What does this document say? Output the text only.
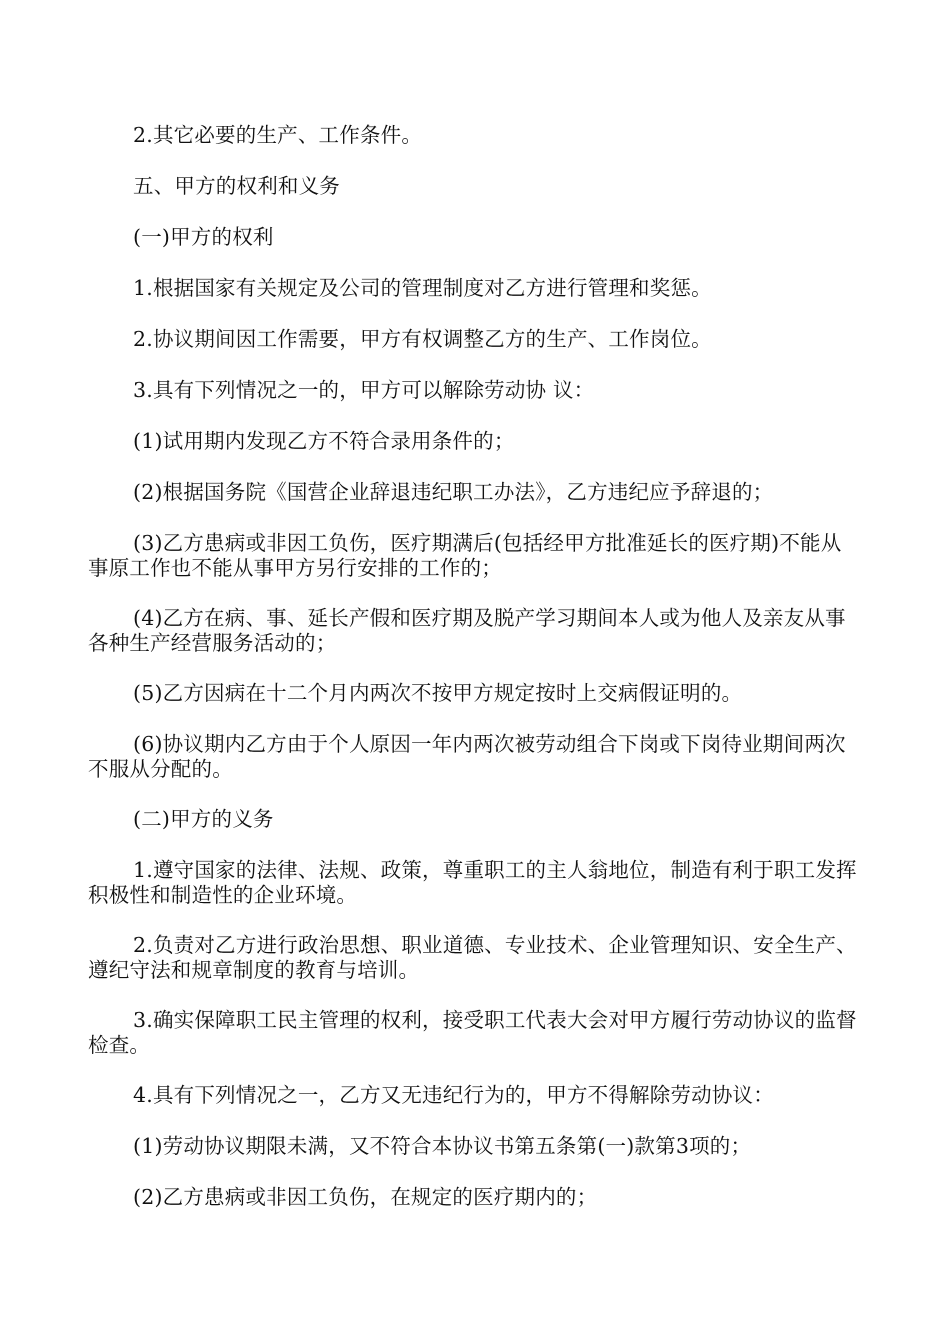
2.其它必要的生产、工作条件。

五、甲方的权利和义务

(一)甲方的权利

1.根据国家有关规定及公司的管理制度对乙方进行管理和奖惩。

2.协议期间因工作需要，甲方有权调整乙方的生产、工作岗位。

3.具有下列情况之一的，甲方可以解除劳动协 议：

(1)试用期内发现乙方不符合录用条件的；

(2)根据国务院《国营企业辞退违纪职工办法》，乙方违纪应予辞退的；

(3)乙方患病或非因工负伤，医疗期满后(包括经甲方批准延长的医疗期)不能从事原工作也不能从事甲方另行安排的工作的；

(4)乙方在病、事、延长产假和医疗期及脱产学习期间本人或为他人及亲友从事各种生产经营服务活动的；

(5)乙方因病在十二个月内两次不按甲方规定按时上交病假证明的。

(6)协议期内乙方由于个人原因一年内两次被劳动组合下岗或下岗待业期间两次不服从分配的。

(二)甲方的义务

1.遵守国家的法律、法规、政策，尊重职工的主人翁地位，制造有利于职工发挥积极性和制造性的企业环境。

2.负责对乙方进行政治思想、职业道德、专业技术、企业管理知识、安全生产、遵纪守法和规章制度的教育与培训。

3.确实保障职工民主管理的权利，接受职工代表大会对甲方履行劳动协议的监督检查。

4.具有下列情况之一，乙方又无违纪行为的，甲方不得解除劳动协议：

(1)劳动协议期限未满，又不符合本协议书第五条第(一)款第3项的；

(2)乙方患病或非因工负伤，在规定的医疗期内的；
